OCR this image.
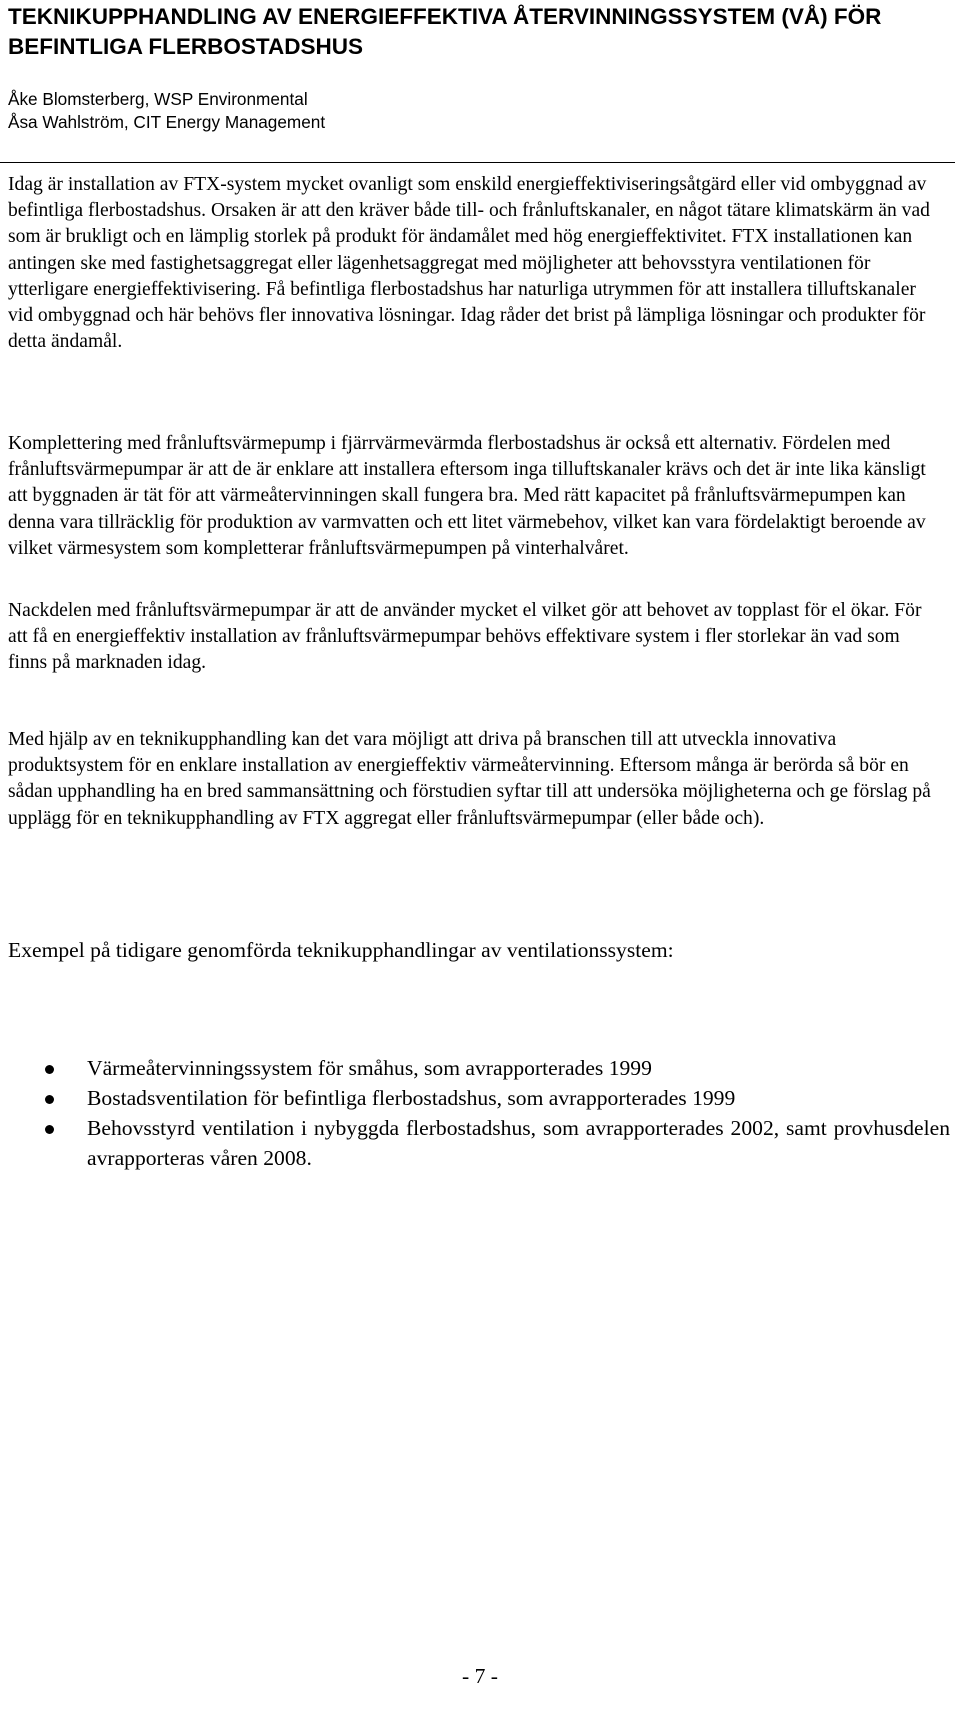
TEKNIKUPPHANDLING AV ENERGIEFFEKTIVA ÅTERVINNINGSSYSTEM (VÅ) FÖR BEFINTLIGA FLERBOSTADSHUS
Åke Blomsterberg, WSP Environmental
Åsa Wahlström, CIT Energy Management

Idag är installation av FTX-system mycket ovanligt som enskild energieffektiviseringsåtgärd eller vid ombyggnad av befintliga flerbostadshus. Orsaken är att den kräver både till- och frånluftskanaler, en något tätare klimatskärm än vad som är brukligt och en lämplig storlek på produkt för ändamålet med hög energieffektivitet. FTX installationen kan antingen ske med fastighetsaggregat eller lägenhetsaggregat med möjligheter att behovsstyra ventilationen för ytterligare energieffektivisering. Få befintliga flerbostadshus har naturliga utrymmen för att installera tilluftskanaler vid ombyggnad och här behövs fler innovativa lösningar. Idag råder det brist på lämpliga lösningar och produkter för detta ändamål.

Komplettering med frånluftsvärmepump i fjärrvärmevärmda flerbostadshus är också ett alternativ. Fördelen med frånluftsvärmepumpar är att de är enklare att installera eftersom inga tilluftskanaler krävs och det är inte lika känsligt att byggnaden är tät för att värmeåtervinningen skall fungera bra. Med rätt kapacitet på frånluftsvärmepumpen kan denna vara tillräcklig för produktion av varmvatten och ett litet värmebehov, vilket kan vara fördelaktigt beroende av vilket värmesystem som kompletterar frånluftsvärmepumpen på vinterhalvåret.

Nackdelen med frånluftsvärmepumpar är att de använder mycket el vilket gör att behovet av topplast för el ökar. För att få en energieffektiv installation av frånluftsvärmepumpar behövs effektivare system i fler storlekar än vad som finns på marknaden idag.

Med hjälp av en teknikupphandling kan det vara möjligt att driva på branschen till att utveckla innovativa produktsystem för en enklare installation av energieffektiv värmeåtervinning. Eftersom många är berörda så bör en sådan upphandling ha en bred sammansättning och förstudien syftar till att undersöka möjligheterna och ge förslag på upplägg för en teknikupphandling av FTX aggregat eller frånluftsvärmepumpar (eller både och).

Exempel på tidigare genomförda teknikupphandlingar av ventilationssystem:

Värmeåtervinningssystem för småhus, som avrapporterades 1999
Bostadsventilation för befintliga flerbostadshus, som avrapporterades 1999
Behovsstyrd ventilation i nybyggda flerbostadshus, som avrapporterades 2002, samt provhusdelen avrapporteras våren 2008.
- 7 -
